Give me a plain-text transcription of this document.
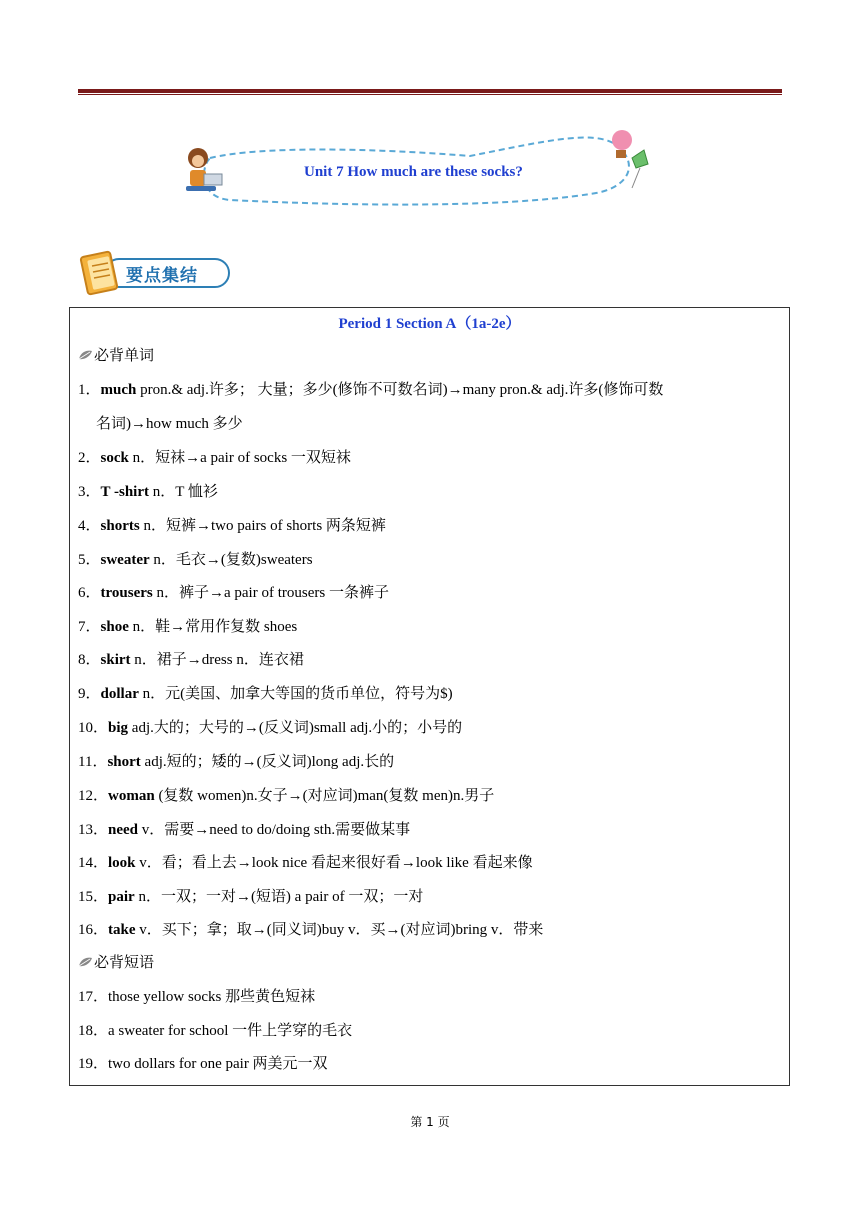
Unit 7 How much are these socks?
要点集结
Period 1 Section A（1a-2e）
必背单词
必背短语
1．much pron.& adj.许多； 大量；多少(修饰不可数名词)→many pron.& adj.许多(修饰可数
名词)→how much 多少
2．sock n．短袜→a pair of socks 一双短袜
3．T -shirt n．T 恤衫
4．shorts n．短裤→two pairs of shorts 两条短裤
5．sweater n．毛衣→(复数)sweaters
6．trousers n．裤子→a pair of trousers 一条裤子
7．shoe n．鞋→常用作复数 shoes
8．skirt n．裙子→dress n．连衣裙
9．dollar n．元(美国、加拿大等国的货币单位，符号为$)
10．big adj.大的；大号的→(反义词)small adj.小的；小号的
11．short adj.短的；矮的→(反义词)long adj.长的
12．woman (复数 women)n.女子→(对应词)man(复数 men)n.男子
13．need v．需要→need to do/doing sth.需要做某事
14．look v．看；看上去→look nice 看起来很好看→look like 看起来像
15．pair n．一双；一对→(短语) a pair of 一双；一对
16．take v．买下；拿；取→(同义词)buy v．买→(对应词)bring v．带来
17．those yellow socks 那些黄色短袜
18．a sweater for school 一件上学穿的毛衣
19．two dollars for one pair 两美元一双
第 1 页
